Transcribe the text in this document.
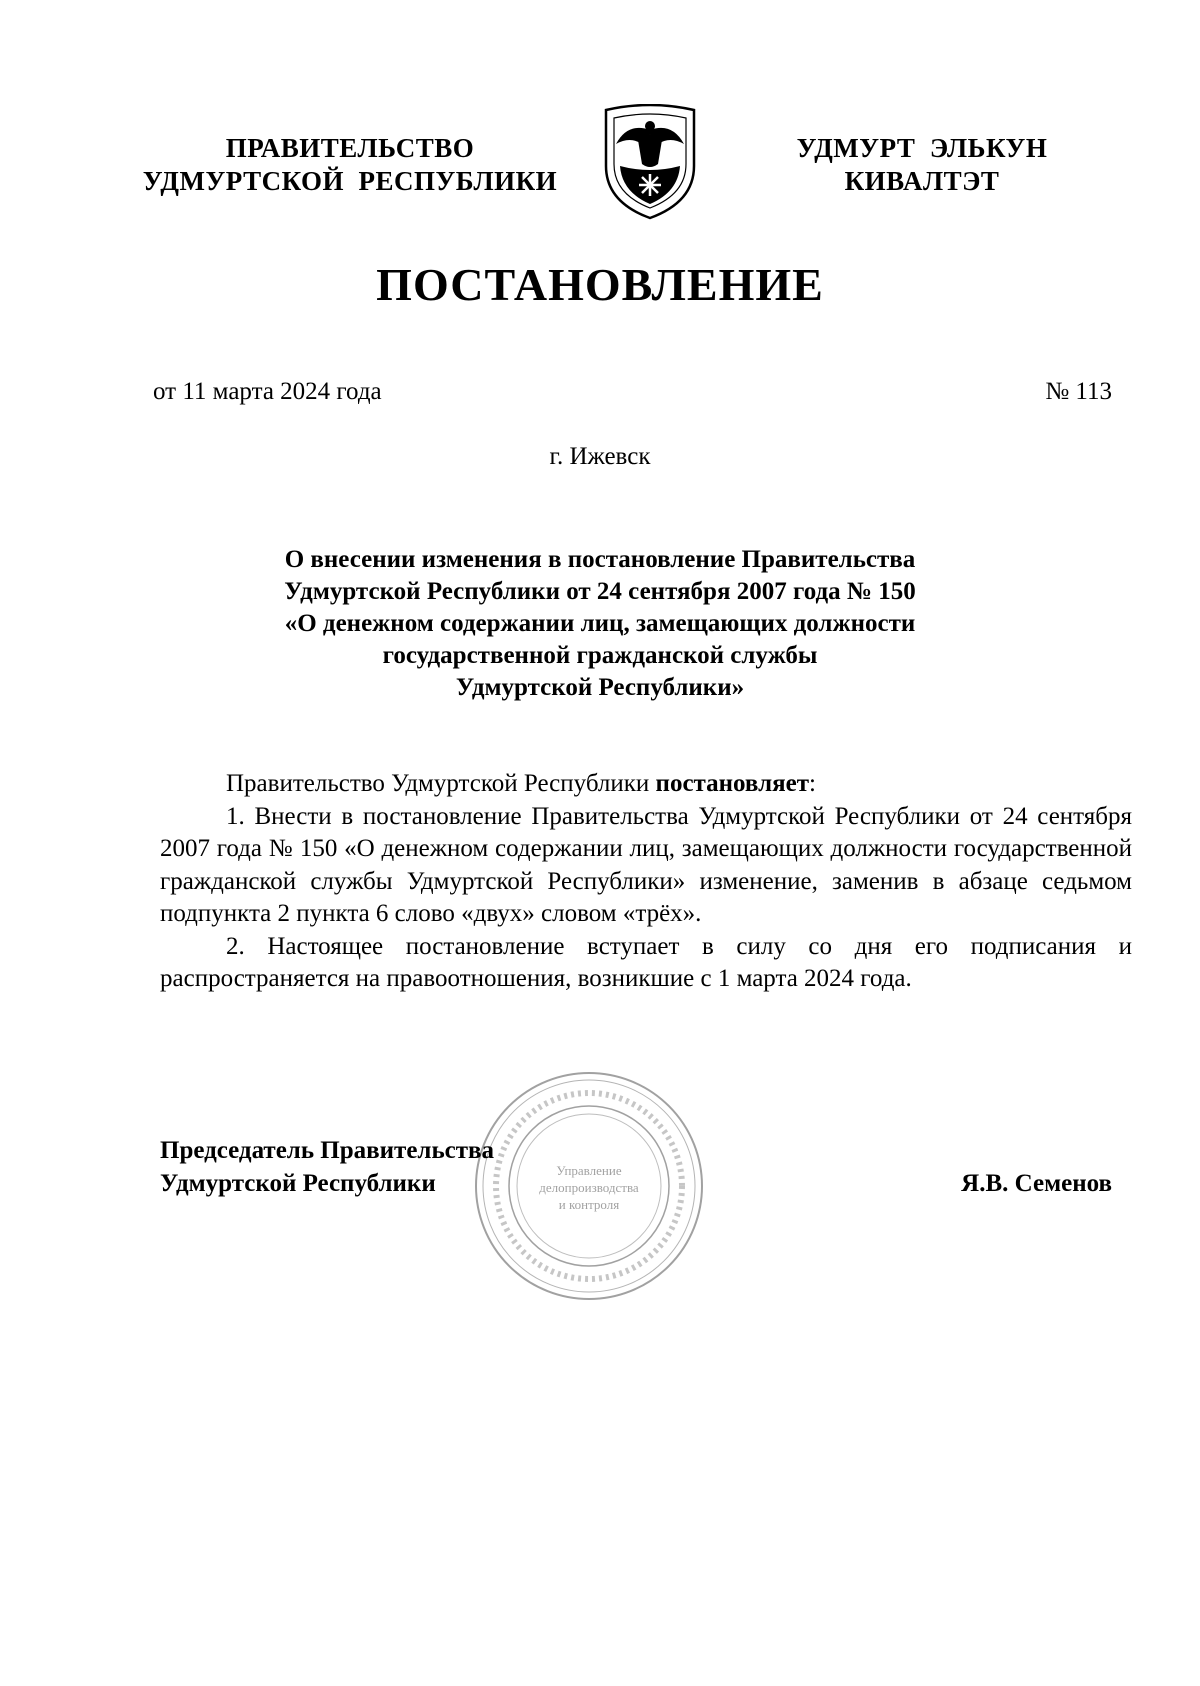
ПРАВИТЕЛЬСТВО
УДМУРТСКОЙ  РЕСПУБЛИКИ
УДМУРТ  ЭЛЬКУН
КИВАЛТЭТ
ПОСТАНОВЛЕНИЕ
от 11 марта 2024 года	№ 113
г. Ижевск
О внесении изменения в постановление Правительства
Удмуртской Республики от 24 сентября 2007 года № 150
«О денежном содержании лиц, замещающих должности
государственной гражданской службы
Удмуртской Республики»

Правительство Удмуртской Республики постановляет:

1. Внести в постановление Правительства Удмуртской Республики от 24 сентября 2007 года № 150 «О денежном содержании лиц, замещающих должности государственной гражданской службы Удмуртской Республики» изменение, заменив в абзаце седьмом подпункта 2 пункта 6 слово «двух» словом «трёх».

2. Настоящее постановление вступает в силу со дня его подписания и распространяется на правоотношения, возникшие с 1 марта 2024 года.

Управление
делопроизводства
и контроля
Председатель Правительства
Удмуртской Республики	Я.В. Семенов
